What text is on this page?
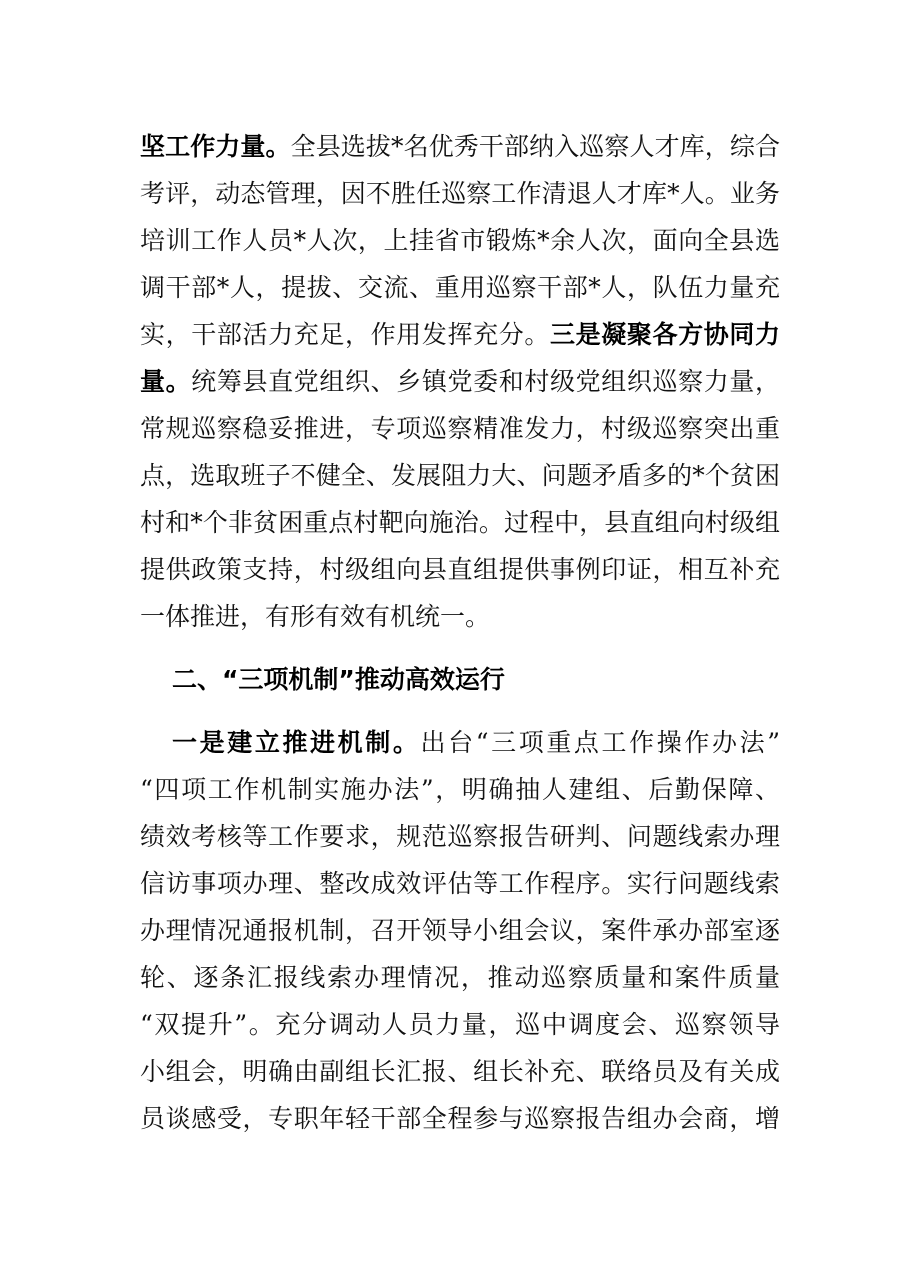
坚工作力量。全县选拔*名优秀干部纳入巡察人才库，综合
考评，动态管理，因不胜任巡察工作清退人才库*人。业务
培训工作人员*人次，上挂省市锻炼*余人次，面向全县选
调干部*人，提拔、交流、重用巡察干部*人，队伍力量充
实，干部活力充足，作用发挥充分。三是凝聚各方协同力
量。统筹县直党组织、乡镇党委和村级党组织巡察力量，
常规巡察稳妥推进，专项巡察精准发力，村级巡察突出重
点，选取班子不健全、发展阻力大、问题矛盾多的*个贫困
村和*个非贫困重点村靶向施治。过程中，县直组向村级组
提供政策支持，村级组向县直组提供事例印证，相互补充
一体推进，有形有效有机统一。
二、“三项机制”推动高效运行
一是建立推进机制。出台“三项重点工作操作办法”
“四项工作机制实施办法”，明确抽人建组、后勤保障、
绩效考核等工作要求，规范巡察报告研判、问题线索办理
信访事项办理、整改成效评估等工作程序。实行问题线索
办理情况通报机制，召开领导小组会议，案件承办部室逐
轮、逐条汇报线索办理情况，推动巡察质量和案件质量
“双提升”。充分调动人员力量，巡中调度会、巡察领导
小组会，明确由副组长汇报、组长补充、联络员及有关成
员谈感受，专职年轻干部全程参与巡察报告组办会商，增
